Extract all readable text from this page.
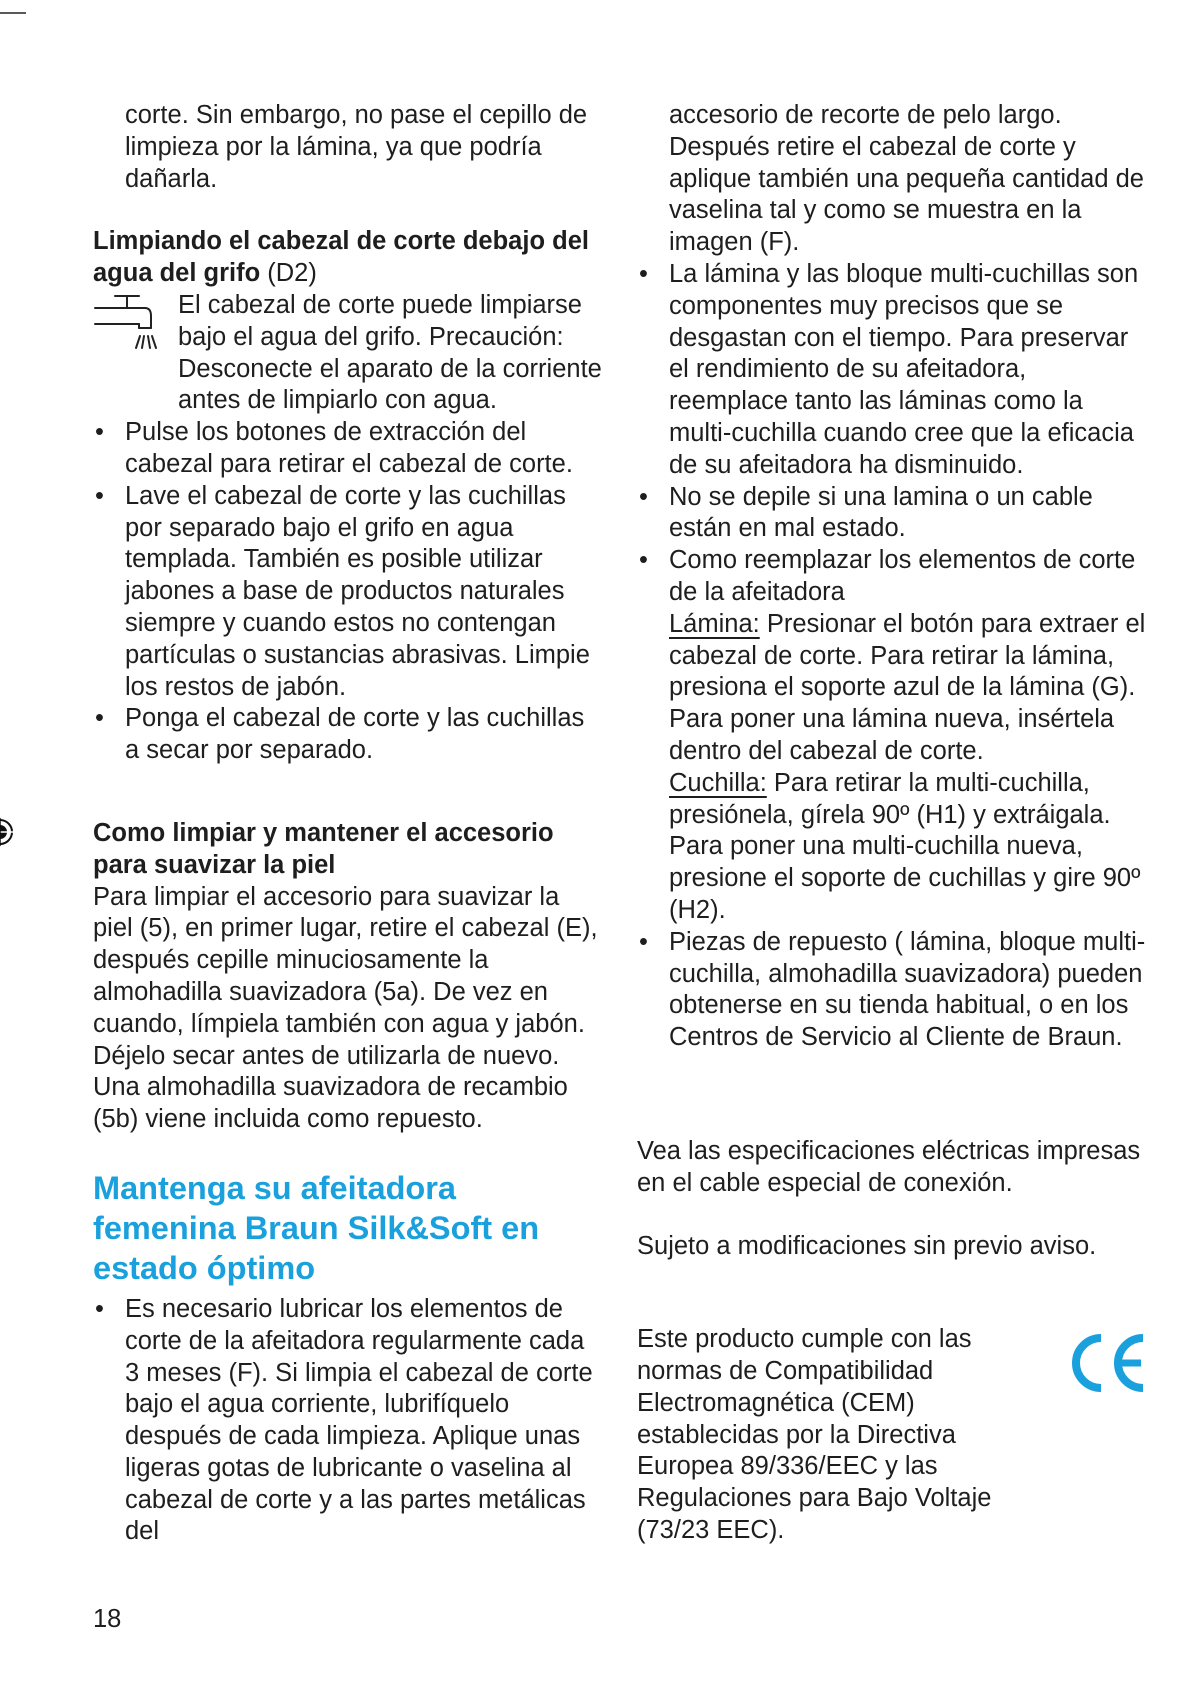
corte. Sin embargo, no pase el cepillo de limpieza por la lámina, ya que podría dañarla.

Limpiando el cabezal de corte debajo del agua del grifo (D2)

El cabezal de corte puede limpiarse bajo el agua del grifo. Precaución: Desconecte el aparato de la corriente antes de limpiarlo con agua.

• Pulse los botones de extracción del cabezal para retirar el cabezal de corte.

• Lave el cabezal de corte y las cuchillas por separado bajo el grifo en agua templada. También es posible utilizar jabones a base de productos naturales siempre y cuando estos no contengan partículas o sustancias abrasivas. Limpie los restos de jabón.

• Ponga el cabezal de corte y las cuchillas a secar por separado.

Como limpiar y mantener el accesorio para suavizar la piel

Para limpiar el accesorio para suavizar la piel (5), en primer lugar, retire el cabezal (E), después cepille minuciosamente la almohadilla suavizadora (5a). De vez en cuando, límpiela también con agua y jabón. Déjelo secar antes de utilizarla de nuevo.

Una almohadilla suavizadora de recambio (5b) viene incluida como repuesto.

Mantenga su afeitadora femenina Braun Silk&Soft en estado óptimo

• Es necesario lubricar los elementos de corte de la afeitadora regularmente cada 3 meses (F). Si limpia el cabezal de corte bajo el agua corriente, lubrifíquelo después de cada limpieza. Aplique unas ligeras gotas de lubricante o vaselina al cabezal de corte y a las partes metálicas del

accesorio de recorte de pelo largo. Después retire el cabezal de corte y aplique también una pequeña cantidad de vaselina tal y como se muestra en la imagen (F).

• La lámina y las bloque multi-cuchillas son componentes muy precisos que se desgastan con el tiempo. Para preservar el rendimiento de su afeitadora, reemplace tanto las láminas como la multi-cuchilla cuando cree que la eficacia de su afeitadora ha disminuido.

• No se depile si una lamina o un cable están en mal estado.

• Como reemplazar los elementos de corte de la afeitadora

Lámina: Presionar el botón para extraer el cabezal de corte. Para retirar la lámina, presiona el soporte azul de la lámina (G). Para poner una lámina nueva, insértela dentro del cabezal de corte.

Cuchilla: Para retirar la multi-cuchilla, presiónela, gírela 90º (H1) y extráigala. Para poner una multi-cuchilla nueva, presione el soporte de cuchillas y gire 90º (H2).

• Piezas de repuesto ( lámina, bloque multi-cuchilla, almohadilla suavizadora) pueden obtenerse en su tienda habitual, o en los Centros de Servicio al Cliente de Braun.

Vea las especificaciones eléctricas impresas en el cable especial de conexión.

Sujeto a modificaciones sin previo aviso.

Este producto cumple con las normas de Compatibilidad Electromagnética (CEM) establecidas por la Directiva Europea 89/336/EEC y las Regulaciones para Bajo Voltaje (73/23 EEC).

18
